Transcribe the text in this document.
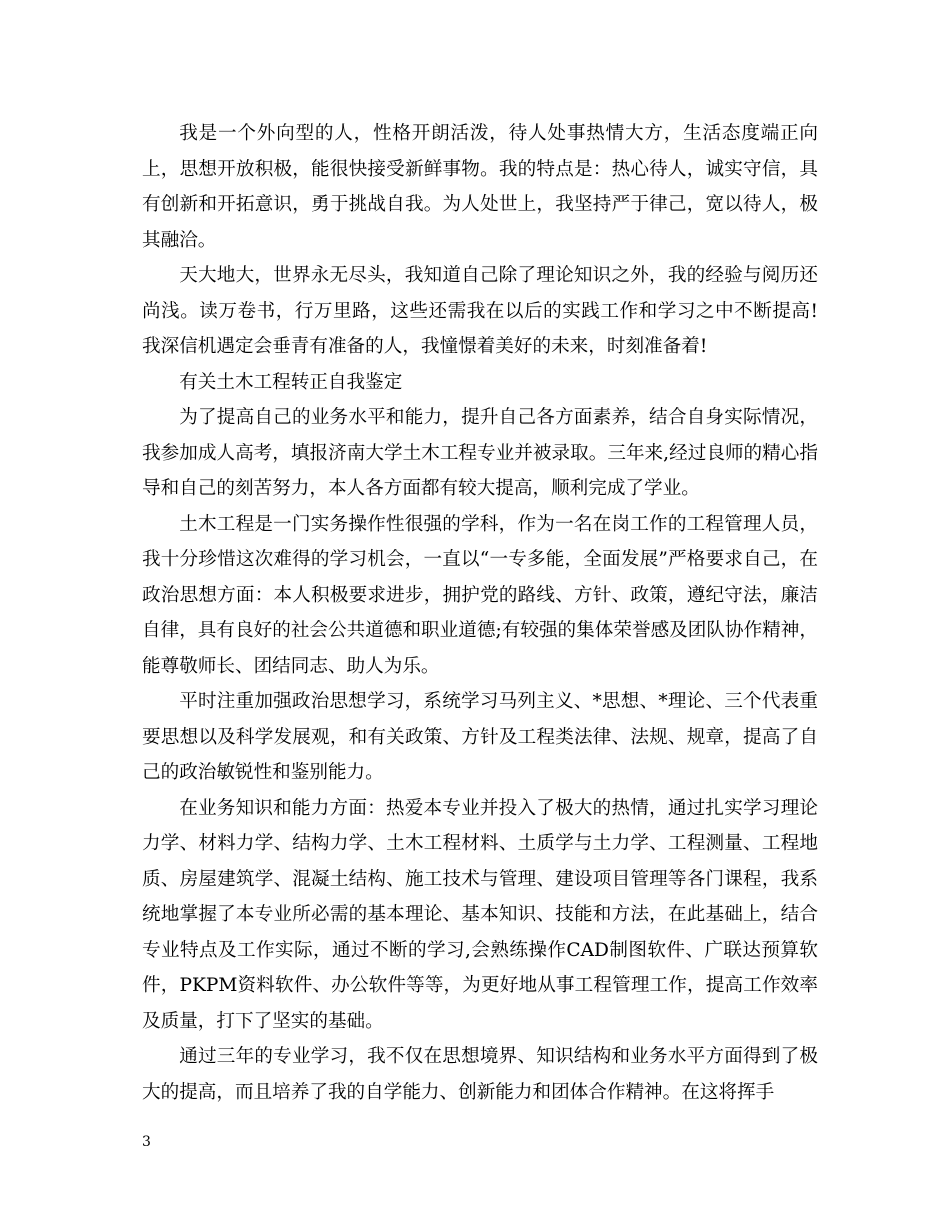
我是一个外向型的人，性格开朗活泼，待人处事热情大方，生活态度端正向上，思想开放积极，能很快接受新鲜事物。我的特点是：热心待人，诚实守信，具有创新和开拓意识，勇于挑战自我。为人处世上，我坚持严于律己，宽以待人，极其融洽。

天大地大，世界永无尽头，我知道自己除了理论知识之外，我的经验与阅历还尚浅。读万卷书，行万里路，这些还需我在以后的实践工作和学习之中不断提高!我深信机遇定会垂青有准备的人，我憧憬着美好的未来，时刻准备着!

有关土木工程转正自我鉴定

为了提高自己的业务水平和能力，提升自己各方面素养，结合自身实际情况，我参加成人高考，填报济南大学土木工程专业并被录取。三年来,经过良师的精心指导和自己的刻苦努力，本人各方面都有较大提高，顺利完成了学业。

土木工程是一门实务操作性很强的学科，作为一名在岗工作的工程管理人员，我十分珍惜这次难得的学习机会，一直以“一专多能，全面发展”严格要求自己，在政治思想方面：本人积极要求进步，拥护党的路线、方针、政策，遵纪守法，廉洁自律，具有良好的社会公共道德和职业道德;有较强的集体荣誉感及团队协作精神，能尊敬师长、团结同志、助人为乐。

平时注重加强政治思想学习，系统学习马列主义、*思想、*理论、三个代表重要思想以及科学发展观，和有关政策、方针及工程类法律、法规、规章，提高了自己的政治敏锐性和鉴别能力。

在业务知识和能力方面：热爱本专业并投入了极大的热情，通过扎实学习理论力学、材料力学、结构力学、土木工程材料、土质学与土力学、工程测量、工程地质、房屋建筑学、混凝土结构、施工技术与管理、建设项目管理等各门课程，我系统地掌握了本专业所必需的基本理论、基本知识、技能和方法，在此基础上，结合专业特点及工作实际，通过不断的学习,会熟练操作CAD制图软件、广联达预算软件，PKPM资料软件、办公软件等等，为更好地从事工程管理工作，提高工作效率及质量，打下了坚实的基础。

通过三年的专业学习，我不仅在思想境界、知识结构和业务水平方面得到了极大的提高，而且培养了我的自学能力、创新能力和团体合作精神。在这将挥手

3
